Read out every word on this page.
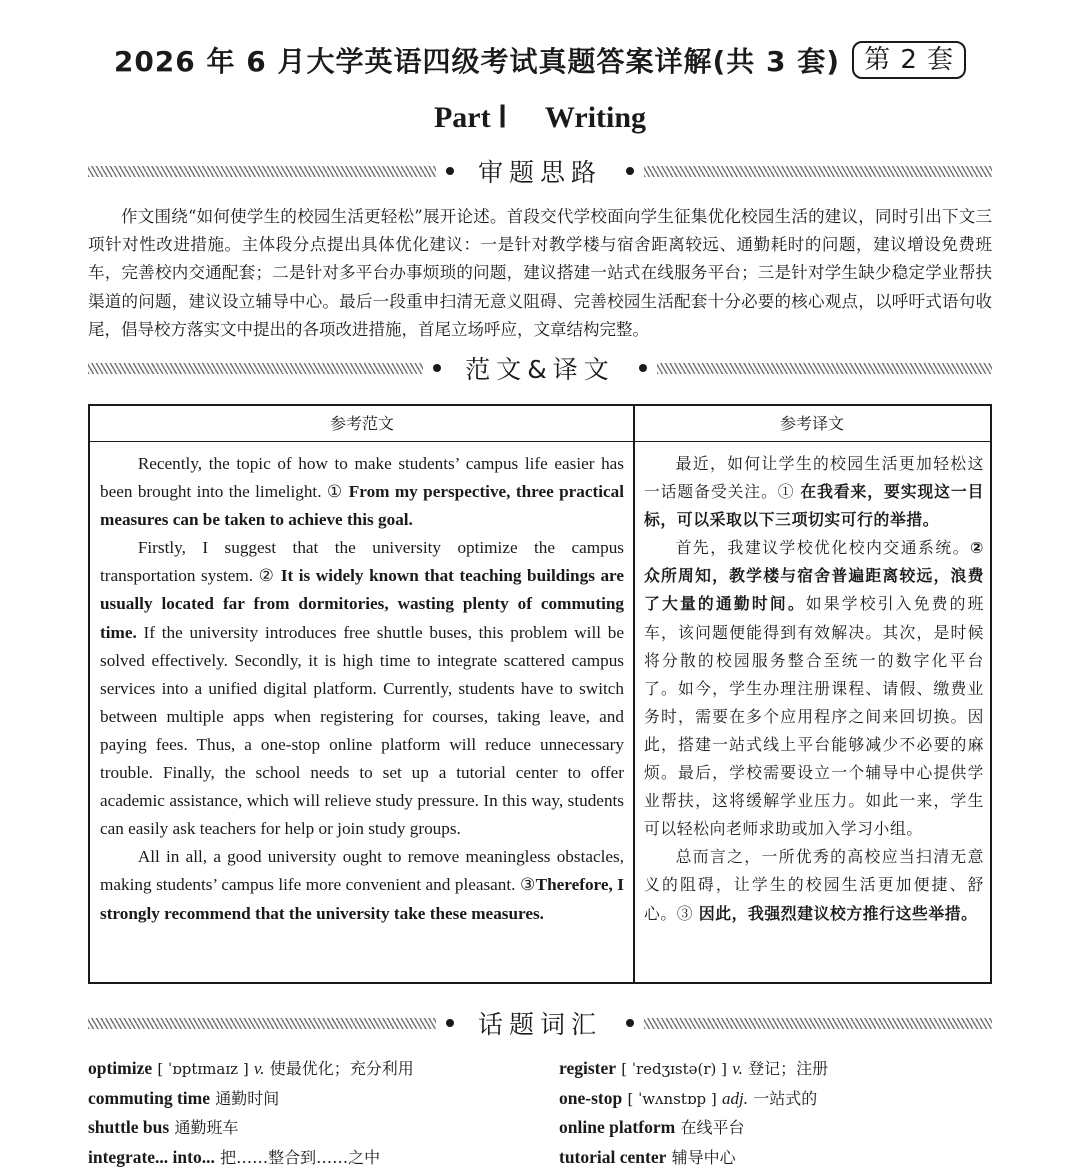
2026 年 6 月大学英语四级考试真题答案详解(共 3 套) 第 2 套
Part Ⅰ Writing
审题思路

作文围绕“如何使学生的校园生活更轻松”展开论述。首段交代学校面向学生征集优化校园生活的建议，同时引出下文三项针对性改进措施。主体段分点提出具体优化建议：一是针对教学楼与宿舍距离较远、通勤耗时的问题，建议增设免费班车，完善校内交通配套；二是针对多平台办事烦琐的问题，建议搭建一站式在线服务平台；三是针对学生缺少稳定学业帮扶渠道的问题，建议设立辅导中心。最后一段重申扫清无意义阻碍、完善校园生活配套十分必要的核心观点，以呼吁式语句收尾，倡导校方落实文中提出的各项改进措施，首尾立场呼应，文章结构完整。

范文&译文
参考范文	参考译文

Recently, the topic of how to make students’ campus life easier has been brought into the limelight. ① From my perspective, three practical measures can be taken to achieve this goal.

Firstly, I suggest that the university optimize the campus transportation system. ② It is widely known that teaching buildings are usually located far from dormitories, wasting plenty of commuting time. If the university introduces free shuttle buses, this problem will be solved effectively. Secondly, it is high time to integrate scattered campus services into a unified digital platform. Currently, students have to switch between multiple apps when registering for courses, taking leave, and paying fees. Thus, a one-stop online platform will reduce unnecessary trouble. Finally, the school needs to set up a tutorial center to offer academic assistance, which will relieve study pressure. In this way, students can easily ask teachers for help or join study groups.

All in all, a good university ought to remove meaningless obstacles, making students’ campus life more convenient and pleasant. ③Therefore, I strongly recommend that the university take these measures.

最近，如何让学生的校园生活更加轻松这一话题备受关注。① 在我看来，要实现这一目标，可以采取以下三项切实可行的举措。

首先，我建议学校优化校内交通系统。② 众所周知，教学楼与宿舍普遍距离较远，浪费了大量的通勤时间。如果学校引入免费的班车，该问题便能得到有效解决。其次，是时候将分散的校园服务整合至统一的数字化平台了。如今，学生办理注册课程、请假、缴费业务时，需要在多个应用程序之间来回切换。因此，搭建一站式线上平台能够减少不必要的麻烦。最后，学校需要设立一个辅导中心提供学业帮扶，这将缓解学业压力。如此一来，学生可以轻松向老师求助或加入学习小组。

总而言之，一所优秀的高校应当扫清无意义的阻碍，让学生的校园生活更加便捷、舒心。③ 因此，我强烈建议校方推行这些举措。

话题词汇
optimize [ ˈɒptɪmaɪz ] v. 使最优化；充分利用
commuting time 通勤时间
shuttle bus 通勤班车
integrate... into... 把……整合到……之中
register [ ˈredʒɪstə(r) ] v. 登记；注册
one-stop [ ˈwʌnstɒp ] adj. 一站式的
online platform 在线平台
tutorial center 辅导中心
